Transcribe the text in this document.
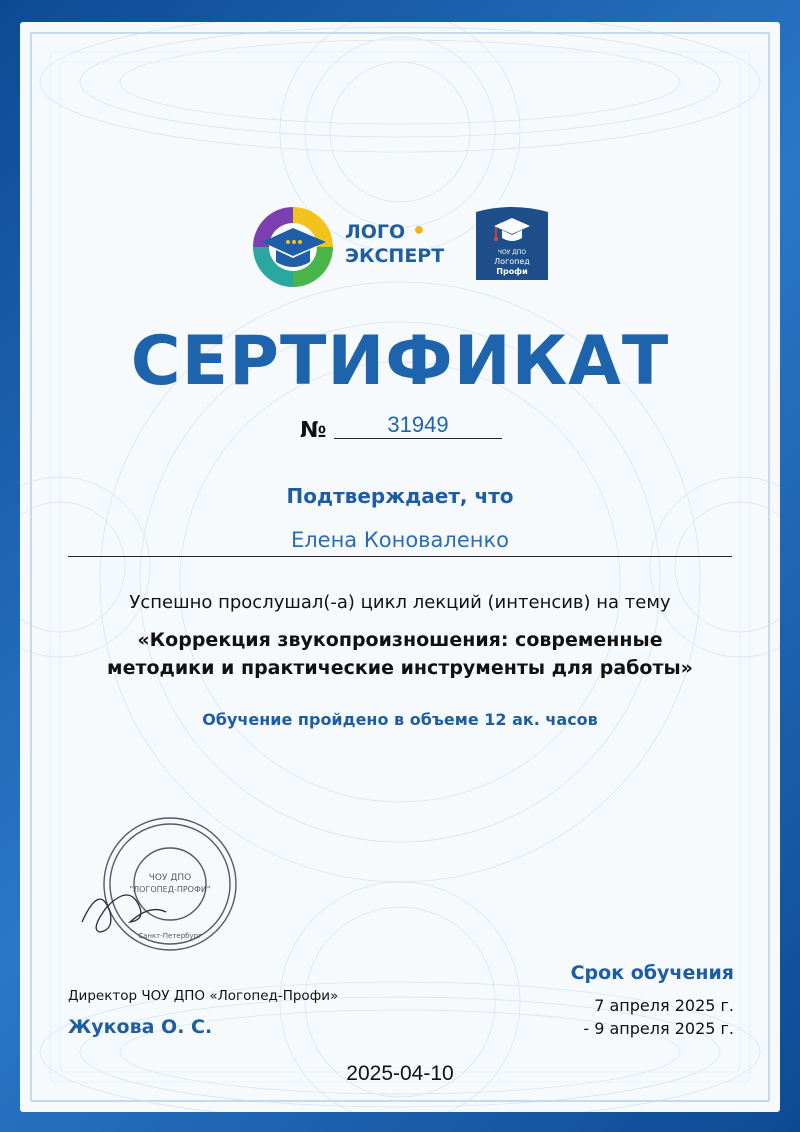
ЛОГО •
ЭКСПЕРТ	ЧОУ ДПО
Логопед
Профи
СЕРТИФИКАТ
№	31949
Подтверждает, что
Елена Коноваленко
Успешно прослушал(-а) цикл лекций (интенсив) на тему
«Коррекция звукопроизношения: современные
методики и практические инструменты для работы»
Обучение пройдено в объеме 12 ак. часов
ЧОУ ДПО
"ЛОГОПЕД-ПРОФИ"
Санкт-Петербург
Директор ЧОУ ДПО «Логопед-Профи»
Жукова О. С.
Срок обучения
7 апреля 2025 г.
- 9 апреля 2025 г.
2025-04-10
